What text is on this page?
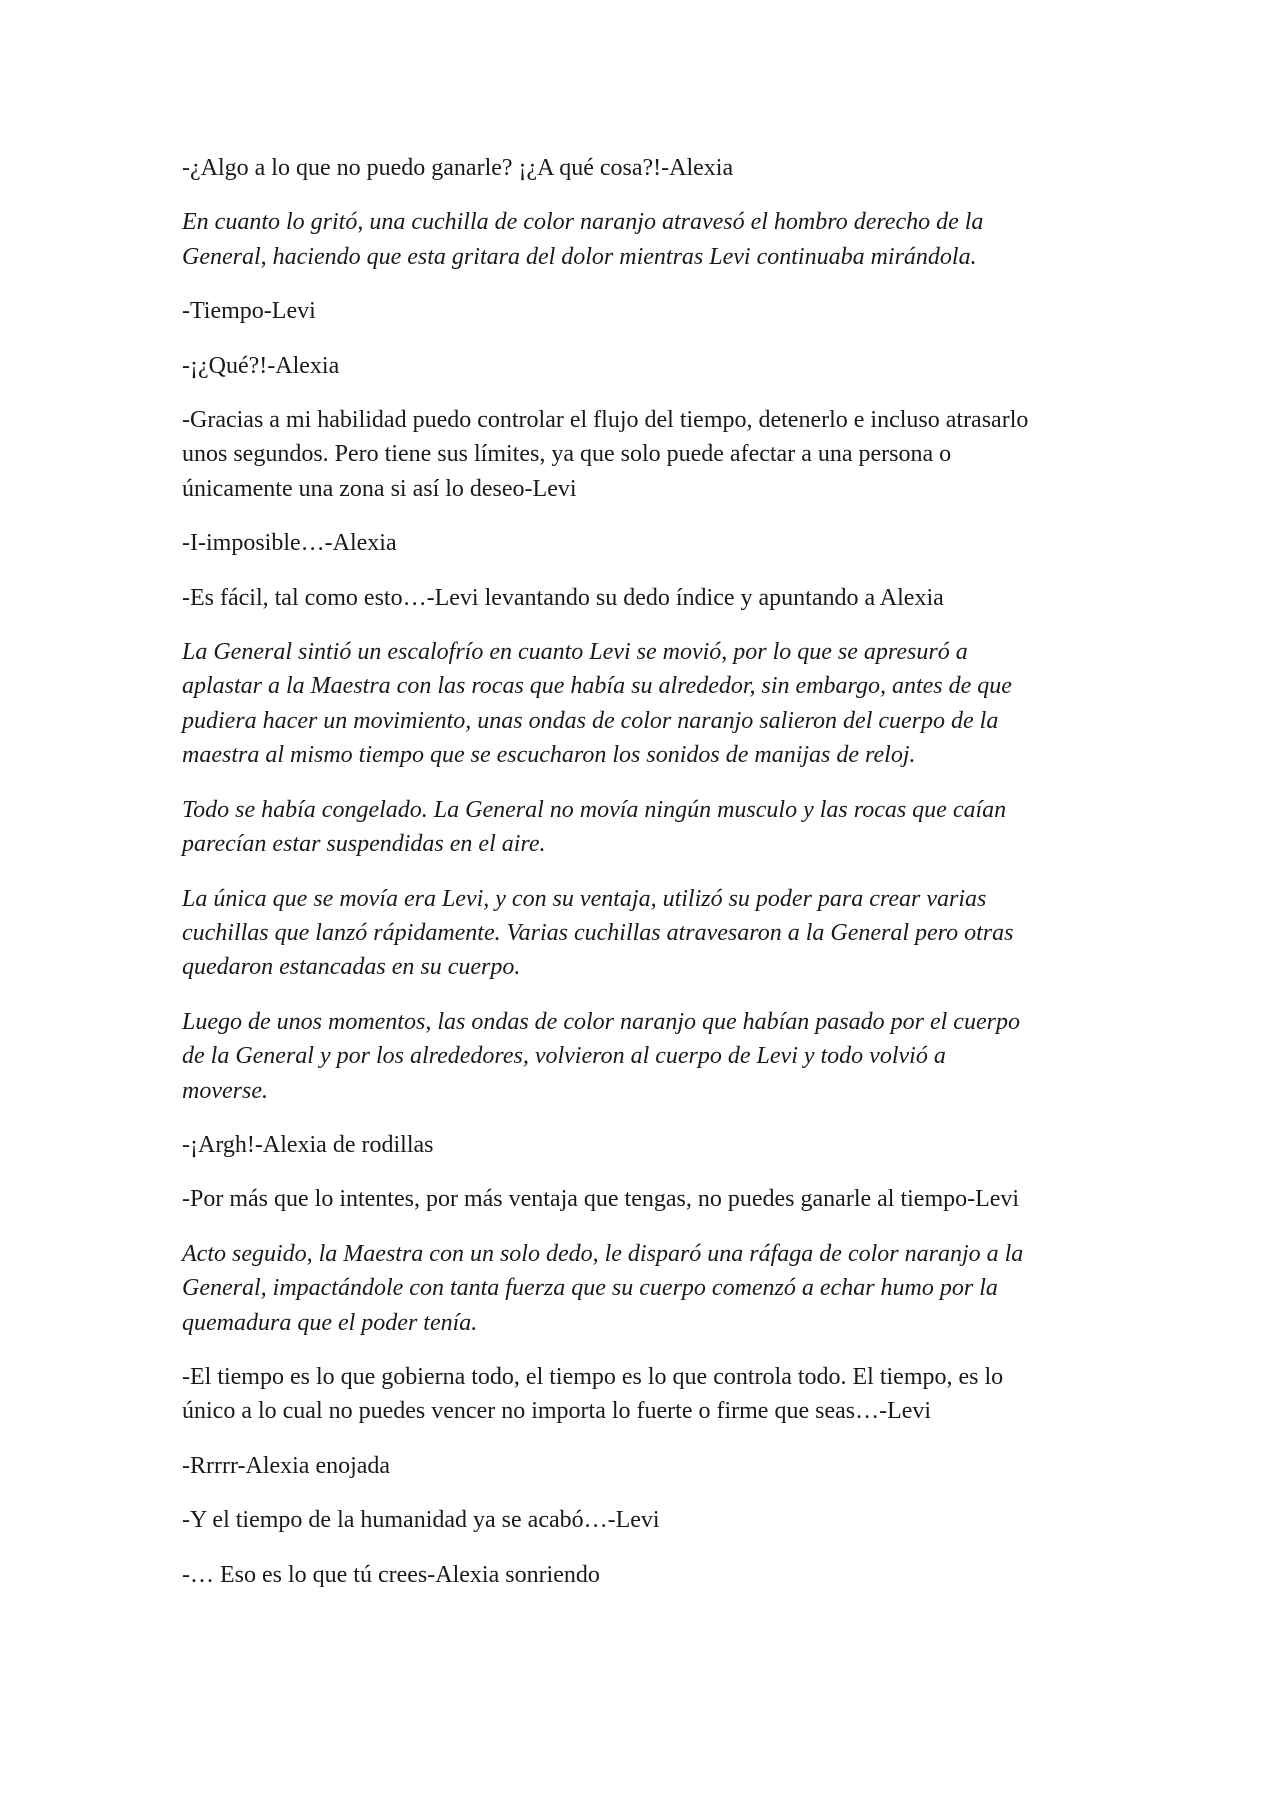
-¿Algo a lo que no puedo ganarle? ¡¿A qué cosa?!-Alexia
En cuanto lo gritó, una cuchilla de color naranjo atravesó el hombro derecho de la
General, haciendo que esta gritara del dolor mientras Levi continuaba mirándola.
-Tiempo-Levi
-¡¿Qué?!-Alexia
-Gracias a mi habilidad puedo controlar el flujo del tiempo, detenerlo e incluso atrasarlo
unos segundos. Pero tiene sus límites, ya que solo puede afectar a una persona o
únicamente una zona si así lo deseo-Levi
-I-imposible…-Alexia
-Es fácil, tal como esto…-Levi levantando su dedo índice y apuntando a Alexia
La General sintió un escalofrío en cuanto Levi se movió, por lo que se apresuró a
aplastar a la Maestra con las rocas que había su alrededor, sin embargo, antes de que
pudiera hacer un movimiento, unas ondas de color naranjo salieron del cuerpo de la
maestra al mismo tiempo que se escucharon los sonidos de manijas de reloj.
Todo se había congelado. La General no movía ningún musculo y las rocas que caían
parecían estar suspendidas en el aire.
La única que se movía era Levi, y con su ventaja, utilizó su poder para crear varias
cuchillas que lanzó rápidamente. Varias cuchillas atravesaron a la General pero otras
quedaron estancadas en su cuerpo.
Luego de unos momentos, las ondas de color naranjo que habían pasado por el cuerpo
de la General y por los alrededores, volvieron al cuerpo de Levi y todo volvió a
moverse.
-¡Argh!-Alexia de rodillas
-Por más que lo intentes, por más ventaja que tengas, no puedes ganarle al tiempo-Levi
Acto seguido, la Maestra con un solo dedo, le disparó una ráfaga de color naranjo a la
General, impactándole con tanta fuerza que su cuerpo comenzó a echar humo por la
quemadura que el poder tenía.
-El tiempo es lo que gobierna todo, el tiempo es lo que controla todo. El tiempo, es lo
único a lo cual no puedes vencer no importa lo fuerte o firme que seas…-Levi
-Rrrrr-Alexia enojada
-Y el tiempo de la humanidad ya se acabó…-Levi
-… Eso es lo que tú crees-Alexia sonriendo
